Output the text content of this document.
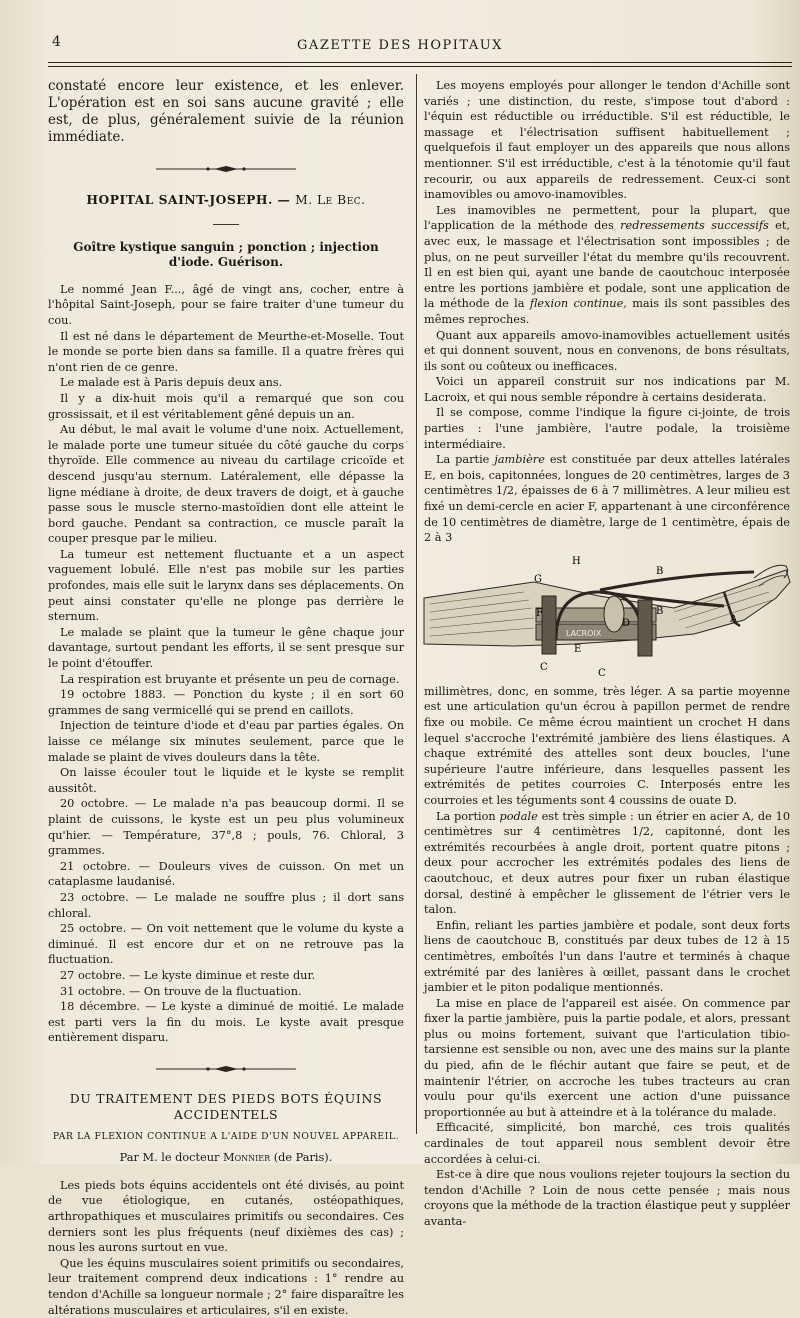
4	GAZETTE DES HOPITAUX

constaté encore leur existence, et les enlever. L'opération est en soi sans aucune gravité ; elle est, de plus, généralement suivie de la réunion immédiate.

HOPITAL SAINT-JOSEPH. — M. Le Bec.
Goître kystique sanguin ; ponction ; injection d'iode. Guérison.

Le nommé Jean F..., âgé de vingt ans, cocher, entre à l'hôpital Saint-Joseph, pour se faire traiter d'une tumeur du cou.

Il est né dans le département de Meurthe-et-Moselle. Tout le monde se porte bien dans sa famille. Il a quatre frères qui n'ont rien de ce genre.

Le malade est à Paris depuis deux ans.

Il y a dix-huit mois qu'il a remarqué que son cou grossissait, et il est véritablement gêné depuis un an.

Au début, le mal avait le volume d'une noix. Actuellement, le malade porte une tumeur située du côté gauche du corps thyroïde. Elle commence au niveau du cartilage cricoïde et descend jusqu'au sternum. Latéralement, elle dépasse la ligne médiane à droite, de deux travers de doigt, et à gauche passe sous le muscle sterno-mastoïdien dont elle atteint le bord gauche. Pendant sa contraction, ce muscle paraît la couper presque par le milieu.

La tumeur est nettement fluctuante et a un aspect vaguement lobulé. Elle n'est pas mobile sur les parties profondes, mais elle suit le larynx dans ses déplacements. On peut ainsi constater qu'elle ne plonge pas derrière le sternum.

Le malade se plaint que la tumeur le gêne chaque jour davantage, surtout pendant les efforts, il se sent presque sur le point d'étouffer.

La respiration est bruyante et présente un peu de cornage.

19 octobre 1883. — Ponction du kyste ; il en sort 60 grammes de sang vermicellé qui se prend en caillots.

Injection de teinture d'iode et d'eau par parties égales. On laisse ce mélange six minutes seulement, parce que le malade se plaint de vives douleurs dans la tête.

On laisse écouler tout le liquide et le kyste se remplit aussitôt.

20 octobre. — Le malade n'a pas beaucoup dormi. Il se plaint de cuissons, le kyste est un peu plus volumineux qu'hier. — Température, 37°,8 ; pouls, 76. Chloral, 3 grammes.

21 octobre. — Douleurs vives de cuisson. On met un cataplasme laudanisé.

23 octobre. — Le malade ne souffre plus ; il dort sans chloral.

25 octobre. — On voit nettement que le volume du kyste a diminué. Il est encore dur et on ne retrouve pas la fluctuation.

27 octobre. — Le kyste diminue et reste dur.

31 octobre. — On trouve de la fluctuation.

18 décembre. — Le kyste a diminué de moitié. Le malade est parti vers la fin du mois. Le kyste avait presque entièrement disparu.

DU TRAITEMENT DES PIEDS BOTS ÉQUINS ACCIDENTELS
PAR LA FLEXION CONTINUE A L'AIDE D'UN NOUVEL APPAREIL.
Par M. le docteur Monnier (de Paris).

Les pieds bots équins accidentels ont été divisés, au point de vue étiologique, en cutanés, ostéopathiques, arthropathiques et musculaires primitifs ou secondaires. Ces derniers sont les plus fréquents (neuf dixièmes des cas) ; nous les aurons surtout en vue.

Que les équins musculaires soient primitifs ou secondaires, leur traitement comprend deux indications : 1° rendre au tendon d'Achille sa longueur normale ; 2° faire disparaître les altérations musculaires et articulaires, s'il en existe.

Les moyens employés pour allonger le tendon d'Achille sont variés ; une distinction, du reste, s'impose tout d'abord : l'équin est réductible ou irréductible. S'il est réductible, le massage et l'électrisation suffisent habituellement ; quelquefois il faut employer un des appareils que nous allons mentionner. S'il est irréductible, c'est à la ténotomie qu'il faut recourir, ou aux appareils de redressement. Ceux-ci sont inamovibles ou amovo-inamovibles.

Les inamovibles ne permettent, pour la plupart, que l'application de la méthode des redressements successifs et, avec eux, le massage et l'électrisation sont impossibles ; de plus, on ne peut surveiller l'état du membre qu'ils recouvrent. Il en est bien qui, ayant une bande de caoutchouc interposée entre les portions jambière et podale, sont une application de la méthode de la flexion continue, mais ils sont passibles des mêmes reproches.

Quant aux appareils amovo-inamovibles actuellement usités et qui donnent souvent, nous en convenons, de bons résultats, ils sont ou coûteux ou inefficaces.

Voici un appareil construit sur nos indications par M. Lacroix, et qui nous semble répondre à certains desiderata.

Il se compose, comme l'indique la figure ci-jointe, de trois parties : l'une jambière, l'autre podale, la troisième intermédiaire.

La partie jambière est constituée par deux attelles latérales E, en bois, capitonnées, longues de 20 centimètres, larges de 3 centimètres 1/2, épaisses de 6 à 7 millimètres. A leur milieu est fixé un demi-cercle en acier F, appartenant à une circonférence de 10 centimètres de diamètre, large de 1 centimètre, épais de 2 à 3

H
B
G
B
F
D	A
LACROIX
E
C
C

millimètres, donc, en somme, très léger. A sa partie moyenne est une articulation qu'un écrou à papillon permet de rendre fixe ou mobile. Ce même écrou maintient un crochet H dans lequel s'accroche l'extrémité jambière des liens élastiques. A chaque extrémité des attelles sont deux boucles, l'une supérieure l'autre inférieure, dans lesquelles passent les extrémités de petites courroies C. Interposés entre les courroies et les téguments sont 4 coussins de ouate D.

La portion podale est très simple : un étrier en acier A, de 10 centimètres sur 4 centimètres 1/2, capitonné, dont les extrémités recourbées à angle droit, portent quatre pitons ; deux pour accrocher les extrémités podales des liens de caoutchouc, et deux autres pour fixer un ruban élastique dorsal, destiné à empêcher le glissement de l'étrier vers le talon.

Enfin, reliant les parties jambière et podale, sont deux forts liens de caoutchouc B, constitués par deux tubes de 12 à 15 centimètres, emboîtés l'un dans l'autre et terminés à chaque extrémité par des lanières à œillet, passant dans le crochet jambier et le piton podalique mentionnés.

La mise en place de l'appareil est aisée. On commence par fixer la partie jambière, puis la partie podale, et alors, pressant plus ou moins fortement, suivant que l'articulation tibio-tarsienne est sensible ou non, avec une des mains sur la plante du pied, afin de le fléchir autant que faire se peut, et de maintenir l'étrier, on accroche les tubes tracteurs au cran voulu pour qu'ils exercent une action d'une puissance proportionnée au but à atteindre et à la tolérance du malade.

Efficacité, simplicité, bon marché, ces trois qualités cardinales de tout appareil nous semblent devoir être accordées à celui-ci.

Est-ce à dire que nous voulions rejeter toujours la section du tendon d'Achille ? Loin de nous cette pensée ; mais nous croyons que la méthode de la traction élastique peut y suppléer avanta-
